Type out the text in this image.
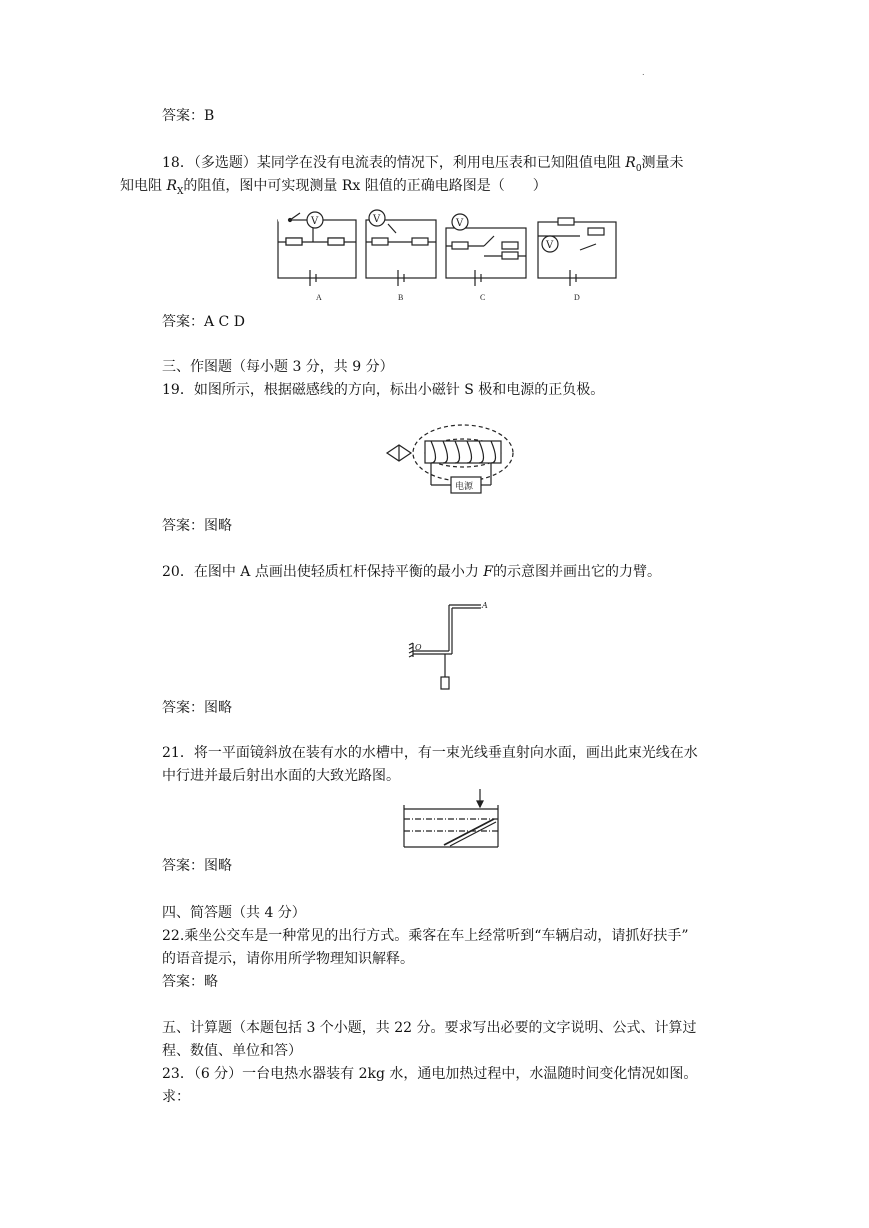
.
答案：B
18．（多选题）某同学在没有电流表的情况下，利用电压表和已知阻值电阻 $R_0$测量未
知电阻 $R_X$的阻值，图中可实现测量 Rx 阻值的正确电路图是（　　）
V	V	V
V
A	B	C	D
答案：A C D
三、作图题（每小题 3 分，共 9 分）
19．如图所示，根据磁感线的方向，标出小磁针 S 极和电源的正负极。
电源
答案：图略
20．在图中 A 点画出使轻质杠杆保持平衡的最小力 F的示意图并画出它的力臂。
A
O
答案：图略
21．将一平面镜斜放在装有水的水槽中，有一束光线垂直射向水面，画出此束光线在水
中行进并最后射出水面的大致光路图。
答案：图略
四、简答题（共 4 分）
22.乘坐公交车是一种常见的出行方式。乘客在车上经常听到“车辆启动，请抓好扶手”
的语音提示，请你用所学物理知识解释。
答案：略
五、计算题（本题包括 3 个小题，共 22 分。要求写出必要的文字说明、公式、计算过
程、数值、单位和答）
23．（6 分）一台电热水器装有 2kg 水，通电加热过程中，水温随时间变化情况如图。
求：
